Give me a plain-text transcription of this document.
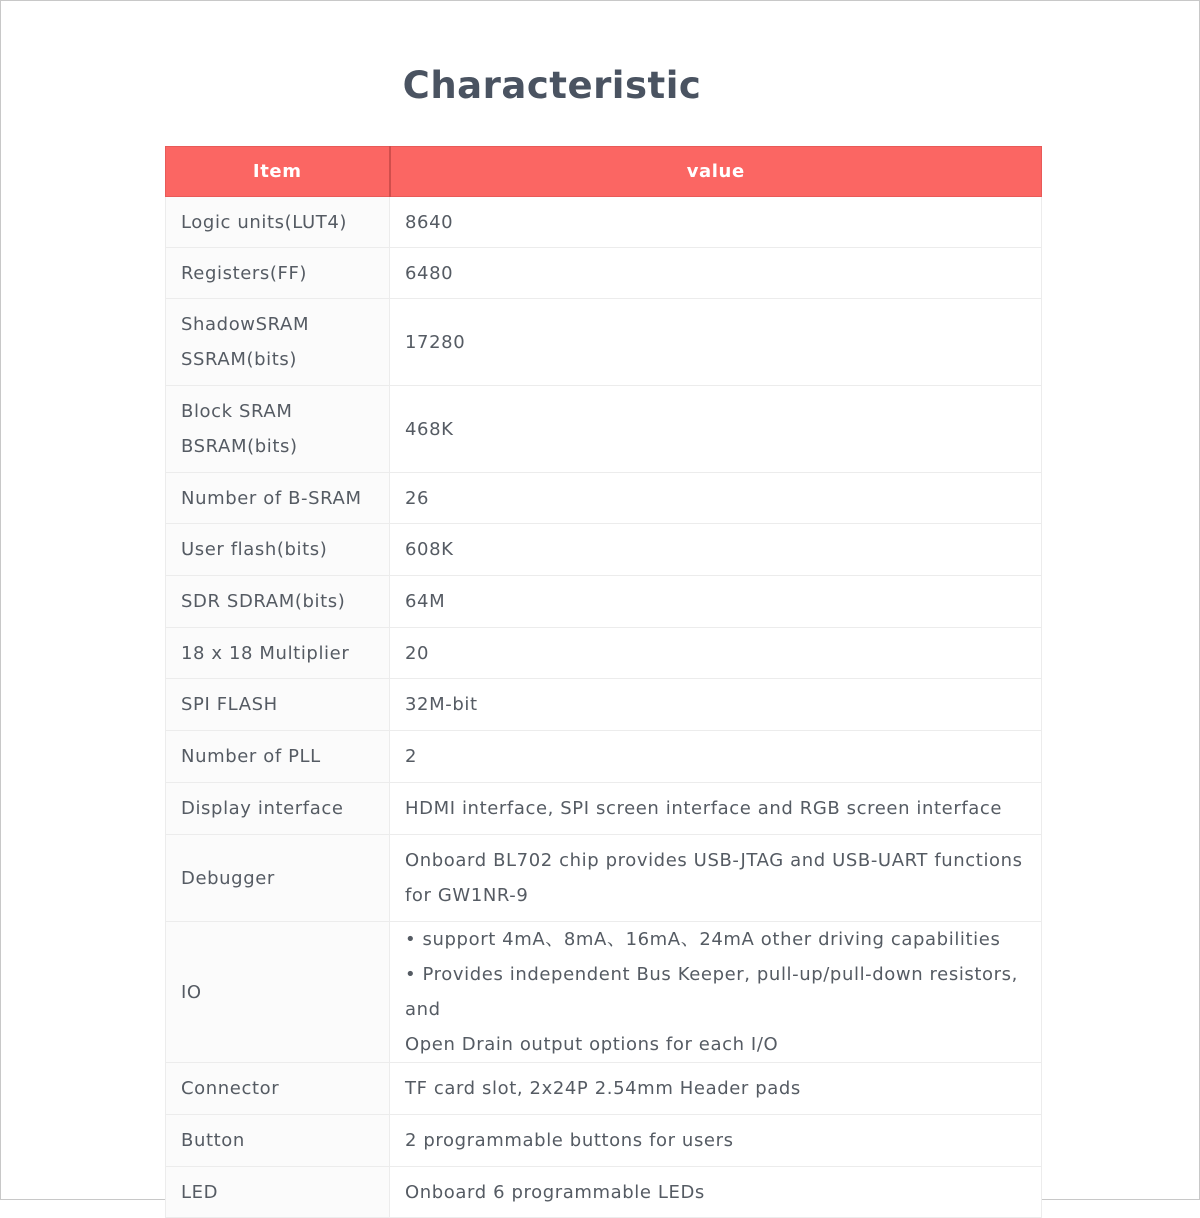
Characteristic
Item	value

Logic units(LUT4)	8640

Registers(FF)	6480

ShadowSRAM
SSRAM(bits)	17280

Block SRAM
BSRAM(bits)	468K

Number of B-SRAM	26

User flash(bits)	608K

SDR SDRAM(bits)	64M

18 x 18 Multiplier	20

SPI FLASH	32M-bit

Number of PLL	2

Display interface	HDMI interface, SPI screen interface and RGB screen interface

Debugger	Onboard BL702 chip provides USB-JTAG and USB-UART functions
for GW1NR-9

IO	• support 4mA、8mA、16mA、24mA other driving capabilities
• Provides independent Bus Keeper, pull-up/pull-down resistors, and
Open Drain output options for each I/O

Connector	TF card slot, 2x24P 2.54mm Header pads

Button	2 programmable buttons for users

LED	Onboard 6 programmable LEDs
